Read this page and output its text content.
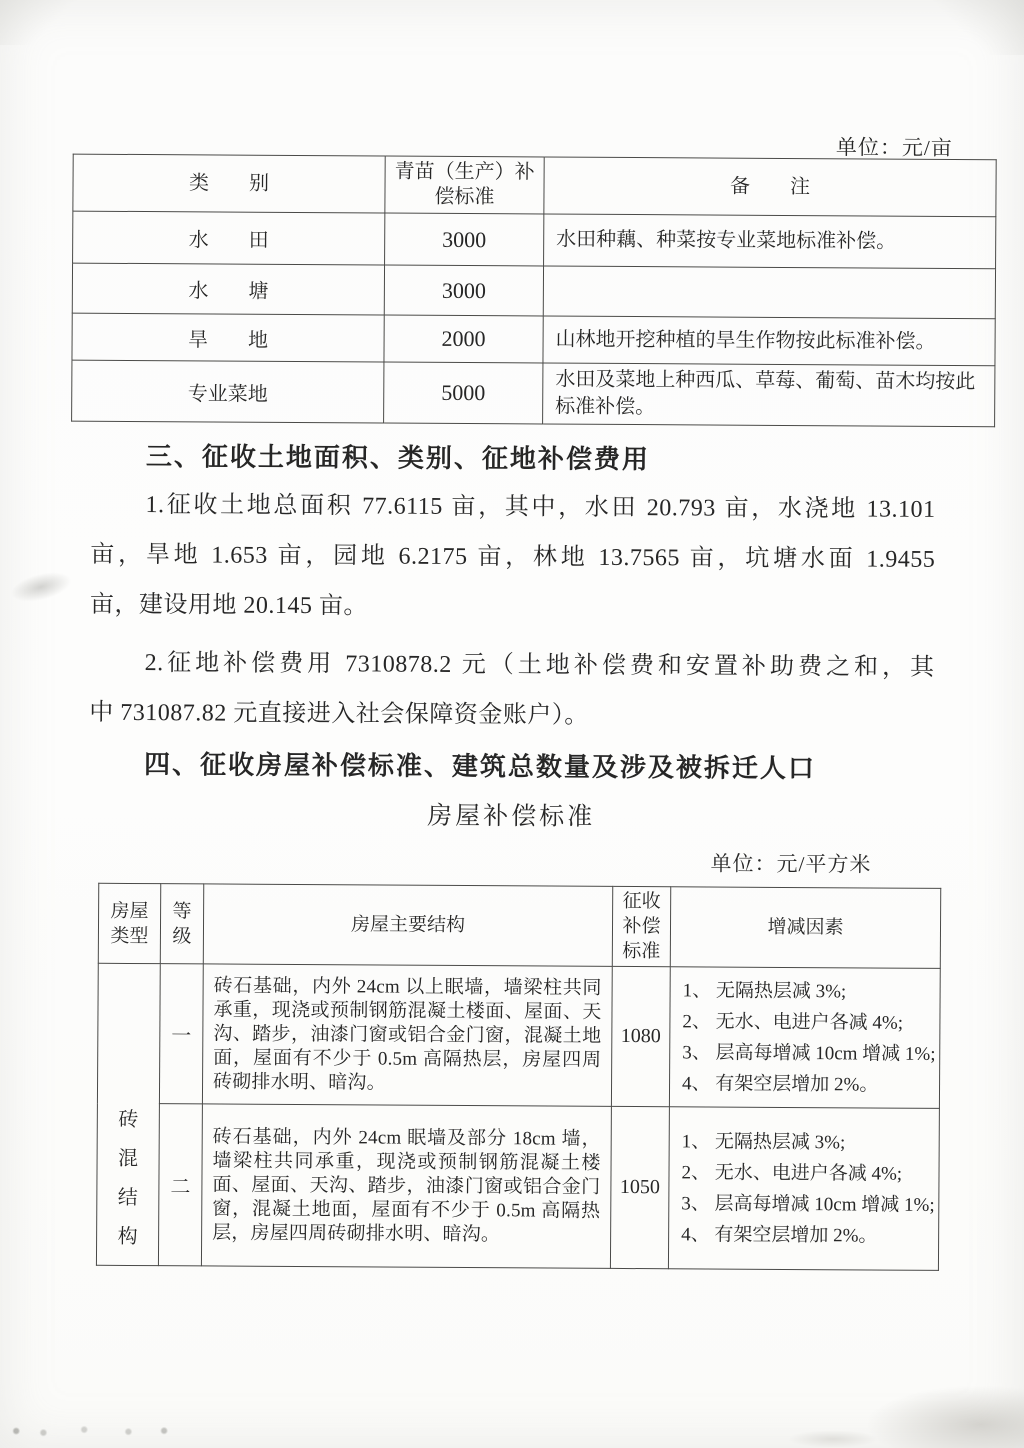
单位：元/亩
类　　别	青苗（生产）补偿标准	备　　注
水　　田	3000	水田种藕、种菜按专业菜地标准补偿。
水　　塘	3000	
旱　　地	2000	山林地开挖种植的旱生作物按此标准补偿。
专业菜地	5000	水田及菜地上种西瓜、草莓、葡萄、苗木均按此标准补偿。
三、征收土地面积、类别、征地补偿费用
1.征收土地总面积 77.6115 亩，其中，水田 20.793 亩，水浇地 13.101
亩，旱地 1.653 亩，园地 6.2175 亩，林地 13.7565 亩，坑塘水面 1.9455
亩，建设用地 20.145 亩。
2.征地补偿费用 7310878.2 元（土地补偿费和安置补助费之和，其
中 731087.82 元直接进入社会保障资金账户）。
四、征收房屋补偿标准、建筑总数量及涉及被拆迁人口
房屋补偿标准
单位：元/平方米
房屋类型	等级	房屋主要结构	征收补偿标准	增减因素
砖混结构	一	砖石基础，内外 24cm 以上眠墙，墙梁柱共同承重，现浇或预制钢筋混凝土楼面、屋面、天沟、踏步，油漆门窗或铝合金门窗，混凝土地面，屋面有不少于 0.5m 高隔热层，房屋四周砖砌排水明、暗沟。	1080	1、 无隔热层减 3%;
2、 无水、电进户各减 4%;
3、 层高每增减 10cm 增减 1%;
4、 有架空层增加 2%。

	二	砖石基础，内外 24cm 眠墙及部分 18cm 墙，墙梁柱共同承重，现浇或预制钢筋混凝土楼面、屋面、天沟、踏步，油漆门窗或铝合金门窗，混凝土地面，屋面有不少于 0.5m 高隔热层，房屋四周砖砌排水明、暗沟。	1050	1、 无隔热层减 3%;
2、 无水、电进户各减 4%;
3、 层高每增减 10cm 增减 1%;
4、 有架空层增加 2%。
